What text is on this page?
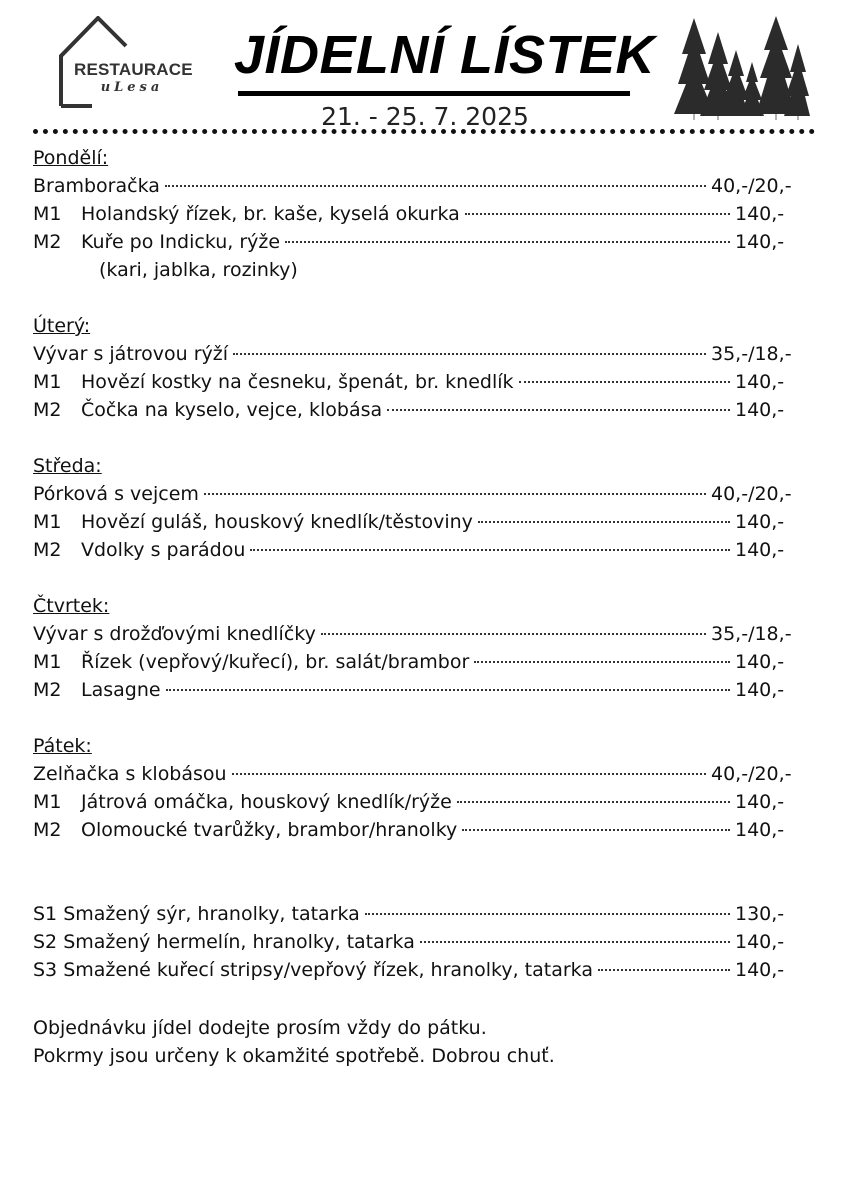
RESTAURACE
uLesa
JÍDELNÍ LÍSTEK
21. - 25. 7. 2025
Pondělí:
Bramboračka	40,-/20,-
M1	Holandský řízek, br. kaše, kyselá okurka	140,-
M2	Kuře po Indicku, rýže	140,-
(kari, jablka, rozinky)
Úterý:
Vývar s játrovou rýží	35,-/18,-
M1	Hovězí kostky na česneku, špenát, br. knedlík	140,-
M2	Čočka na kyselo, vejce, klobása	140,-
Středa:
Pórková s vejcem	40,-/20,-
M1	Hovězí guláš, houskový knedlík/těstoviny	140,-
M2	Vdolky s parádou	140,-
Čtvrtek:
Vývar s drožďovými knedlíčky	35,-/18,-
M1	Řízek (vepřový/kuřecí), br. salát/brambor	140,-
M2	Lasagne	140,-
Pátek:
Zelňačka s klobásou	40,-/20,-
M1	Játrová omáčka, houskový knedlík/rýže	140,-
M2	Olomoucké tvarůžky, brambor/hranolky	140,-
S1 Smažený sýr, hranolky, tatarka	130,-
S2 Smažený hermelín, hranolky, tatarka	140,-
S3 Smažené kuřecí stripsy/vepřový řízek, hranolky, tatarka	140,-
Objednávku jídel dodejte prosím vždy do pátku.
Pokrmy jsou určeny k okamžité spotřebě. Dobrou chuť.
